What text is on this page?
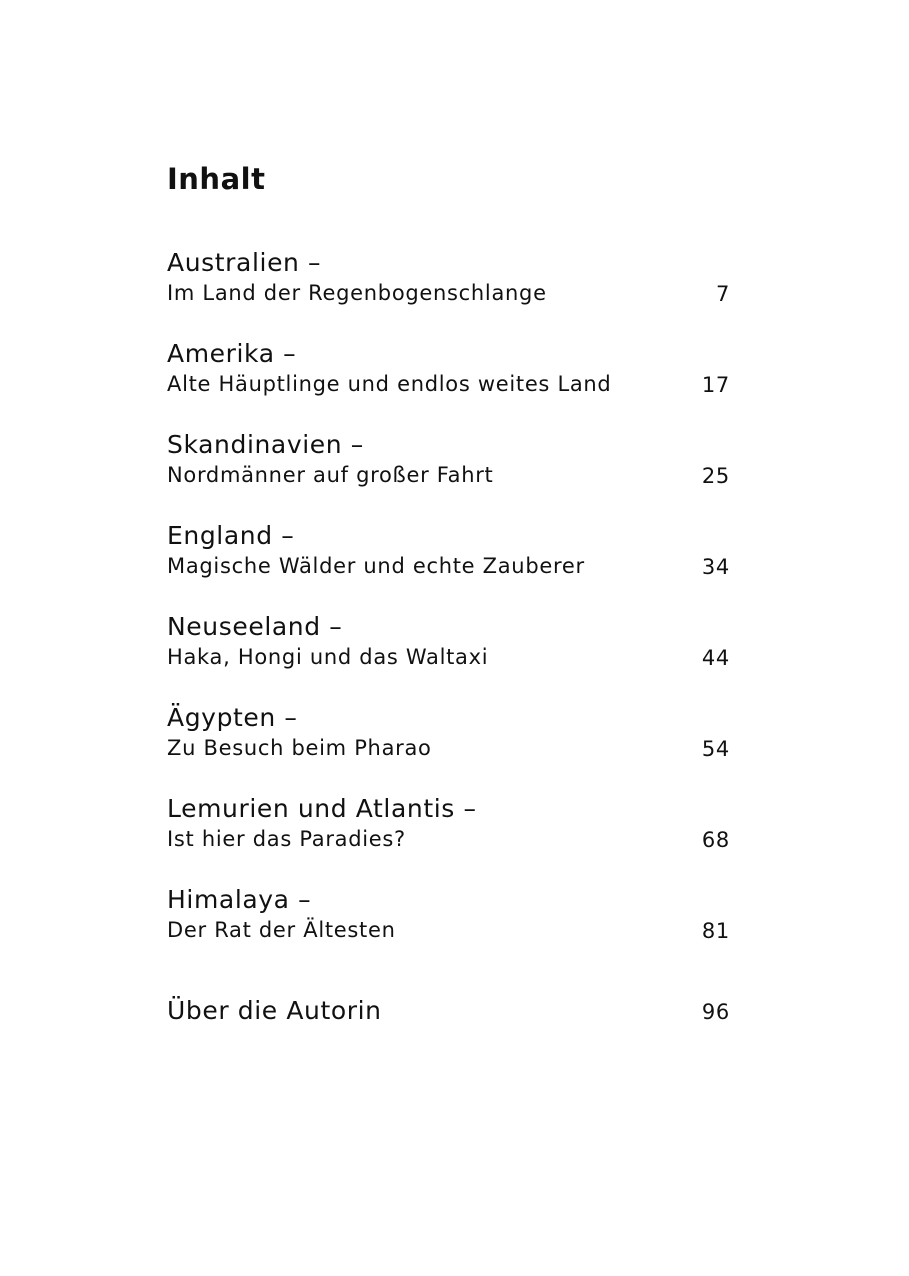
Inhalt
Australien –
Im Land der Regenbogenschlange	7
Amerika –
Alte Häuptlinge und endlos weites Land	17
Skandinavien –
Nordmänner auf großer Fahrt	25
England –
Magische Wälder und echte Zauberer	34
Neuseeland –
Haka, Hongi und das Waltaxi	44
Ägypten –
Zu Besuch beim Pharao	54
Lemurien und Atlantis –
Ist hier das Paradies?	68
Himalaya –
Der Rat der Ältesten	81
Über die Autorin	96
